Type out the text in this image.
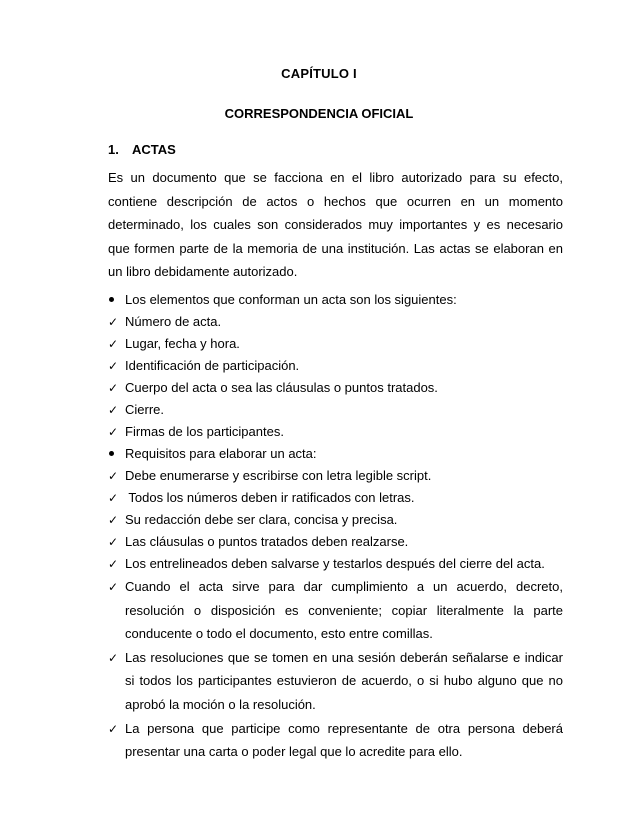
CAPÍTULO I
CORRESPONDENCIA OFICIAL
1. ACTAS
Es un documento que se facciona en el libro autorizado para su efecto, contiene descripción de actos o hechos que ocurren en un momento determinado, los cuales son considerados muy importantes y es necesario que formen parte de la memoria de una institución. Las actas se elaboran en un libro debidamente autorizado.
Los elementos que conforman un acta son los siguientes:
Número de acta.
Lugar, fecha y hora.
Identificación de participación.
Cuerpo del acta o sea las cláusulas o puntos tratados.
Cierre.
Firmas de los participantes.
Requisitos para elaborar un acta:
Debe enumerarse y escribirse con letra legible script.
Todos los números deben ir ratificados con letras.
Su redacción debe ser clara, concisa y precisa.
Las cláusulas o puntos tratados deben realzarse.
Los entrelineados deben salvarse y testarlos después del cierre del acta.
Cuando el acta sirve para dar cumplimiento a un acuerdo, decreto, resolución o disposición es conveniente; copiar literalmente la parte conducente o todo el documento, esto entre comillas.
Las resoluciones que se tomen en una sesión deberán señalarse e indicar si todos los participantes estuvieron de acuerdo, o si hubo alguno que no aprobó la moción o la resolución.
La persona que participe como representante de otra persona deberá presentar una carta o poder legal que lo acredite para ello.
